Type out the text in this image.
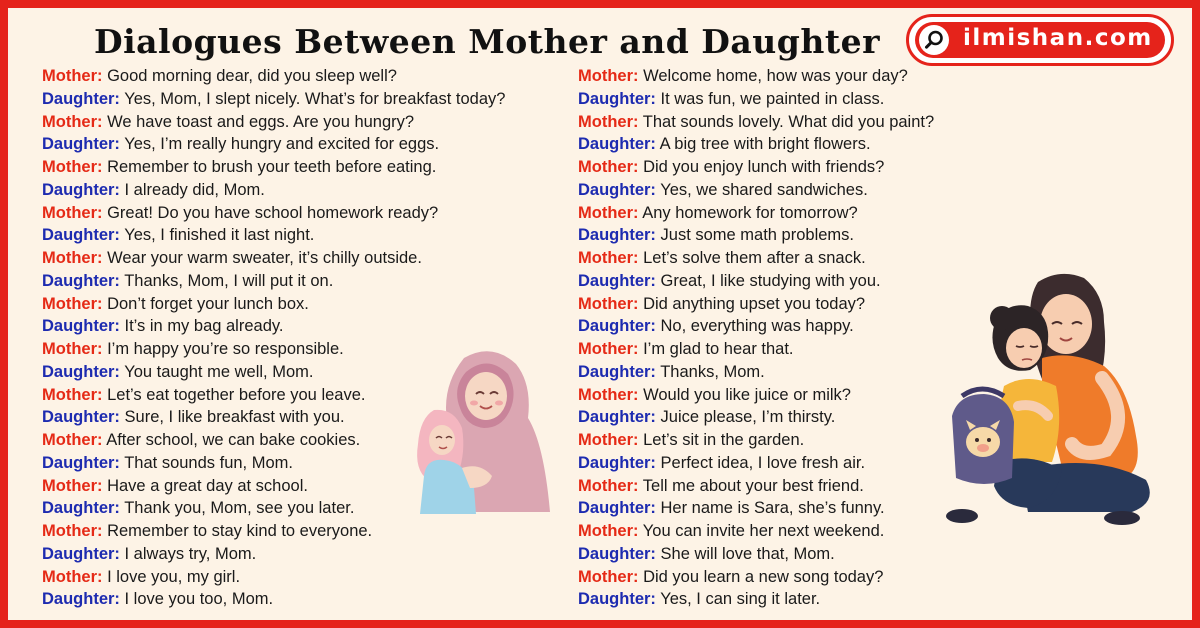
Dialogues Between Mother and Daughter	ilmishan.com
Mother: Good morning dear, did you sleep well?
Daughter: Yes, Mom, I slept nicely. What’s for breakfast today?
Mother: We have toast and eggs. Are you hungry?
Daughter: Yes, I’m really hungry and excited for eggs.
Mother: Remember to brush your teeth before eating.
Daughter: I already did, Mom.
Mother: Great! Do you have school homework ready?
Daughter: Yes, I finished it last night.
Mother: Wear your warm sweater, it’s chilly outside.
Daughter: Thanks, Mom, I will put it on.
Mother: Don’t forget your lunch box.
Daughter: It’s in my bag already.
Mother: I’m happy you’re so responsible.
Daughter: You taught me well, Mom.
Mother: Let’s eat together before you leave.
Daughter: Sure, I like breakfast with you.
Mother: After school, we can bake cookies.
Daughter: That sounds fun, Mom.
Mother: Have a great day at school.
Daughter: Thank you, Mom, see you later.
Mother: Remember to stay kind to everyone.
Daughter: I always try, Mom.
Mother: I love you, my girl.
Daughter: I love you too, Mom.
Mother: Welcome home, how was your day?
Daughter: It was fun, we painted in class.
Mother: That sounds lovely. What did you paint?
Daughter: A big tree with bright flowers.
Mother: Did you enjoy lunch with friends?
Daughter: Yes, we shared sandwiches.
Mother: Any homework for tomorrow?
Daughter: Just some math problems.
Mother: Let’s solve them after a snack.
Daughter: Great, I like studying with you.
Mother: Did anything upset you today?
Daughter: No, everything was happy.
Mother: I’m glad to hear that.
Daughter: Thanks, Mom.
Mother: Would you like juice or milk?
Daughter: Juice please, I’m thirsty.
Mother: Let’s sit in the garden.
Daughter: Perfect idea, I love fresh air.
Mother: Tell me about your best friend.
Daughter: Her name is Sara, she’s funny.
Mother: You can invite her next weekend.
Daughter: She will love that, Mom.
Mother: Did you learn a new song today?
Daughter: Yes, I can sing it later.
